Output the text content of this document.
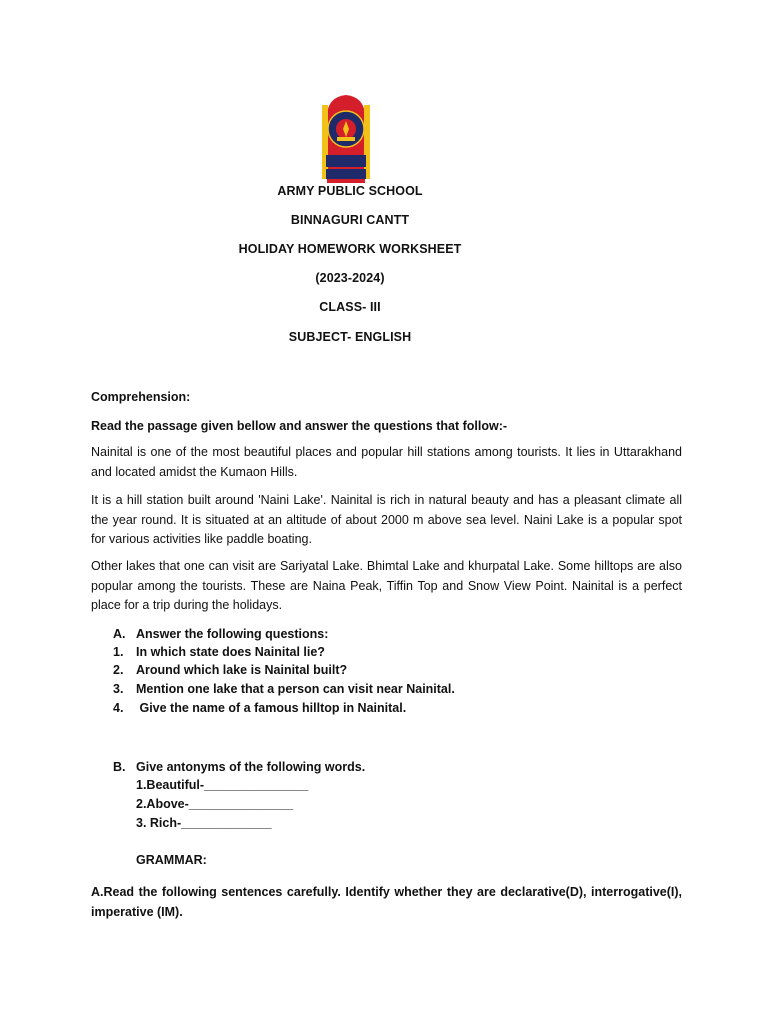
ARMY PUBLIC SCHOOL
BINNAGURI CANTT
HOLIDAY HOMEWORK WORKSHEET
(2023-2024)
CLASS- III
SUBJECT- ENGLISH
Comprehension:
Read the passage given bellow and answer the questions that follow:-
Nainital is one of the most beautiful places and popular hill stations among tourists. It lies in Uttarakhand and located amidst the Kumaon Hills.
It is a hill station built around 'Naini Lake'. Nainital is rich in natural beauty and has a pleasant climate all the year round. It is situated at an altitude of about 2000 m above sea level. Naini Lake is a popular spot for various activities like paddle boating.
Other lakes that one can visit are Sariyatal Lake. Bhimtal Lake and khurpatal Lake. Some hilltops are also popular among the tourists. These are Naina Peak, Tiffin Top and Snow View Point. Nainital is a perfect place for a trip during the holidays.
A. Answer the following questions:
1. In which state does Nainital lie?
2. Around which lake is Nainital built?
3. Mention one lake that a person can visit near Nainital.
4. Give the name of a famous hilltop in Nainital.
B. Give antonyms of the following words.
1.Beautiful-_______________
2.Above-_______________
3. Rich-_____________
GRAMMAR:
A.Read the following sentences carefully. Identify whether they are declarative(D), interrogative(I), imperative (IM).
